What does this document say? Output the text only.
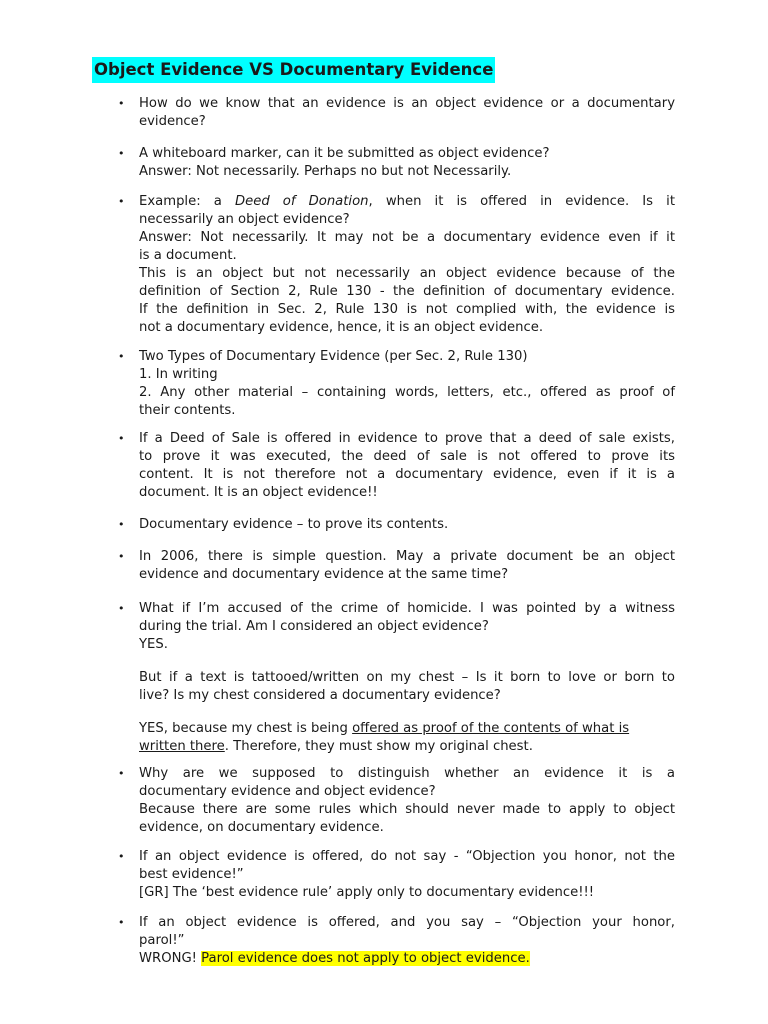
Object Evidence VS Documentary Evidence
• How do we know that an evidence is an object evidence or a documentary
evidence?
• A whiteboard marker, can it be submitted as object evidence?
Answer: Not necessarily. Perhaps no but not Necessarily.
• Example: a Deed of Donation, when it is offered in evidence. Is it
necessarily an object evidence?
Answer: Not necessarily. It may not be a documentary evidence even if it
is a document.
This is an object but not necessarily an object evidence because of the
definition of Section 2, Rule 130 - the definition of documentary evidence.
If the definition in Sec. 2, Rule 130 is not complied with, the evidence is
not a documentary evidence, hence, it is an object evidence.
• Two Types of Documentary Evidence (per Sec. 2, Rule 130)
1. In writing
2. Any other material – containing words, letters, etc., offered as proof of
their contents.
• If a Deed of Sale is offered in evidence to prove that a deed of sale exists,
to prove it was executed, the deed of sale is not offered to prove its
content. It is not therefore not a documentary evidence, even if it is a
document. It is an object evidence!!
• Documentary evidence – to prove its contents.
• In 2006, there is simple question. May a private document be an object
evidence and documentary evidence at the same time?
• What if I’m accused of the crime of homicide. I was pointed by a witness
during the trial. Am I considered an object evidence?
YES.
But if a text is tattooed/written on my chest – Is it born to love or born to
live? Is my chest considered a documentary evidence?
YES, because my chest is being offered as proof of the contents of what is
written there. Therefore, they must show my original chest.
• Why are we supposed to distinguish whether an evidence it is a
documentary evidence and object evidence?
Because there are some rules which should never made to apply to object
evidence, on documentary evidence.
• If an object evidence is offered, do not say - “Objection you honor, not the
best evidence!”
[GR] The ‘best evidence rule’ apply only to documentary evidence!!!
• If an object evidence is offered, and you say – “Objection your honor,
parol!”
WRONG! Parol evidence does not apply to object evidence.
